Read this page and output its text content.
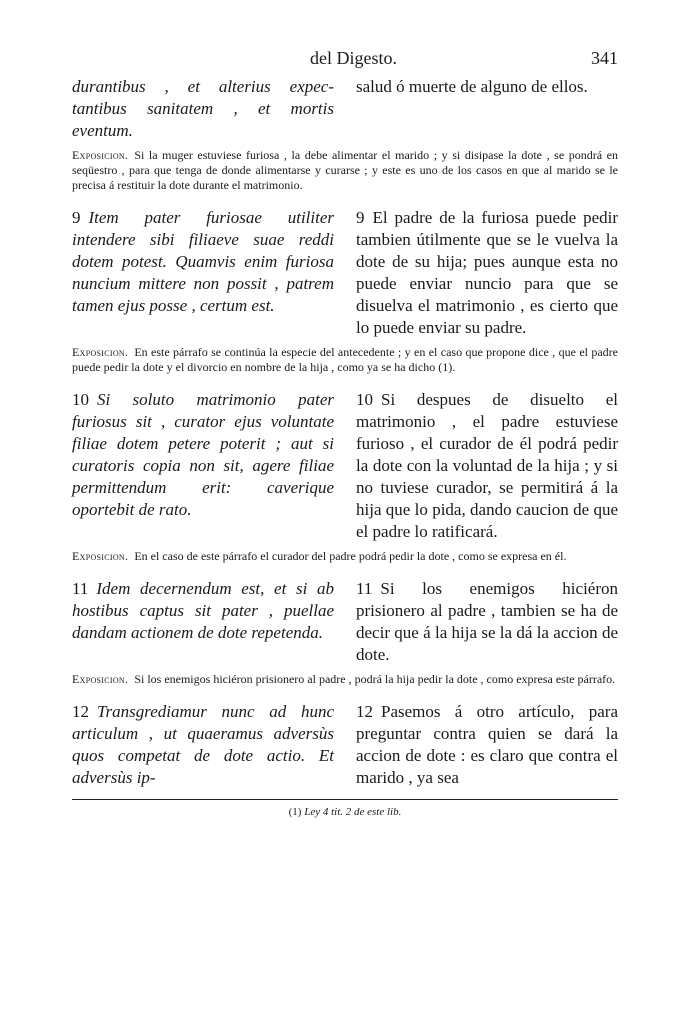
del Digesto.	341
durantibus , et alterius expec- tantibus sanitatem , et mortis eventum.
salud ó muerte de alguno de ellos.
Exposicion. Si la muger estuviese furiosa , la debe alimentar el marido ; y si disipase la dote , se pondrá en seqüestro , para que tenga de donde alimentarse y curarse ; y este es uno de los casos en que al marido se le precisa á restituir la dote durante el matrimonio.
9 Item pater furiosae utiliter intendere sibi filiaeve suae reddi dotem potest. Quamvis enim furiosa nuncium mittere non possit , patrem tamen ejus posse , certum est.
9 El padre de la furiosa puede pedir tambien útilmente que se le vuelva la dote de su hija; pues aunque esta no puede enviar nuncio para que se disuelva el matrimonio , es cierto que lo puede enviar su padre.
Exposicion. En este párrafo se continúa la especie del antecedente ; y en el caso que propone dice , que el padre puede pedir la dote y el divorcio en nombre de la hija , como ya se ha dicho (1).
10 Si soluto matrimonio pater furiosus sit , curator ejus voluntate filiae dotem petere poterit ; aut si curatoris copia non sit, agere filiae permittendum erit: caverique oportebit de rato.
10 Si despues de disuelto el matrimonio , el padre estuviese furioso , el curador de él podrá pedir la dote con la voluntad de la hija ; y si no tuviese curador, se permitirá á la hija que lo pida, dando caucion de que el padre lo ratificará.
Exposicion. En el caso de este párrafo el curador del padre podrá pedir la dote , como se expresa en él.
11 Idem decernendum est, et si ab hostibus captus sit pater , puellae dandam actionem de dote repetenda.
11 Si los enemigos hiciéron prisionero al padre , tambien se ha de decir que á la hija se la dá la accion de dote.
Exposicion. Si los enemigos hiciéron prisionero al padre , podrá la hija pedir la dote , como expresa este párrafo.
12 Transgrediamur nunc ad hunc articulum , ut quaeramus adversùs quos competat de dote actio. Et adversùs ip-
12 Pasemos á otro artículo, para preguntar contra quien se dará la accion de dote : es claro que contra el marido , ya sea
(1) Ley 4 tit. 2 de este lib.
